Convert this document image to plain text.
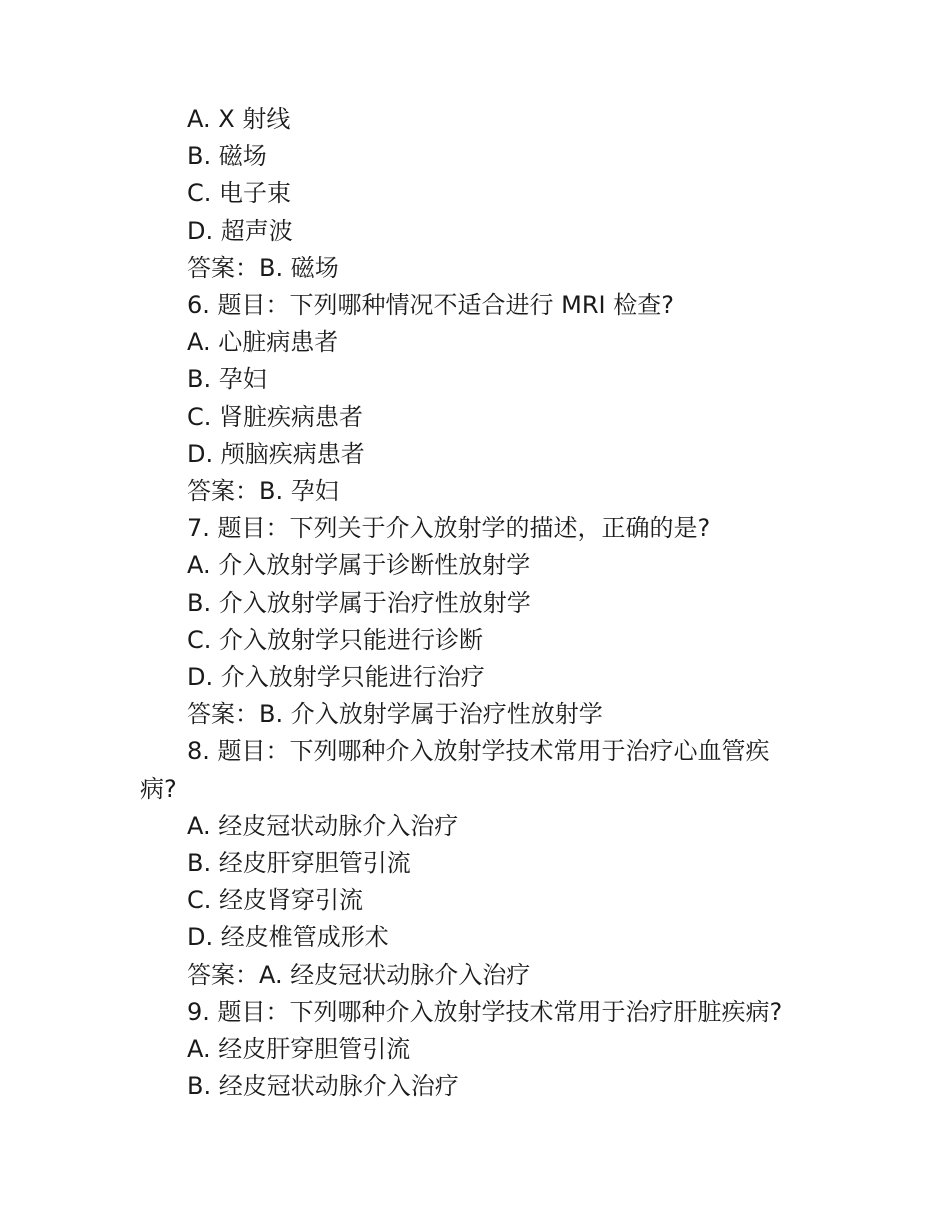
A. X 射线

B. 磁场

C. 电子束

D. 超声波

答案：B. 磁场

6. 题目：下列哪种情况不适合进行 MRI 检查?

A. 心脏病患者

B. 孕妇

C. 肾脏疾病患者

D. 颅脑疾病患者

答案：B. 孕妇

7. 题目：下列关于介入放射学的描述，正确的是?

A. 介入放射学属于诊断性放射学

B. 介入放射学属于治疗性放射学

C. 介入放射学只能进行诊断

D. 介入放射学只能进行治疗

答案：B. 介入放射学属于治疗性放射学

8. 题目：下列哪种介入放射学技术常用于治疗心血管疾病?

A. 经皮冠状动脉介入治疗

B. 经皮肝穿胆管引流

C. 经皮肾穿引流

D. 经皮椎管成形术

答案：A. 经皮冠状动脉介入治疗

9. 题目：下列哪种介入放射学技术常用于治疗肝脏疾病?

A. 经皮肝穿胆管引流

B. 经皮冠状动脉介入治疗
